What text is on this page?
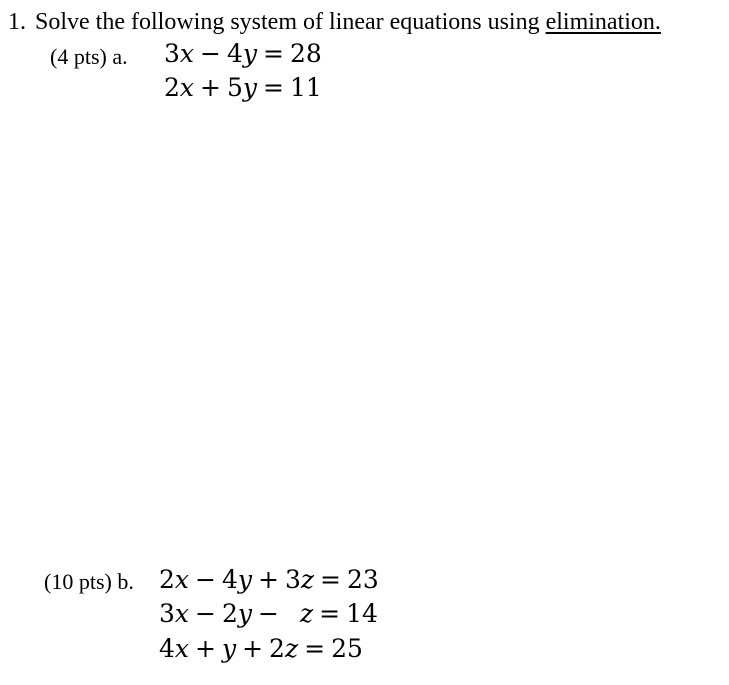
1. Solve the following system of linear equations using elimination.
(4 pts) a. 3x − 4y = 28
2x + 5y = 11
(10 pts) b. 2x − 4y + 3z = 23
3x − 2y − z = 14
4x + y + 2z = 25
